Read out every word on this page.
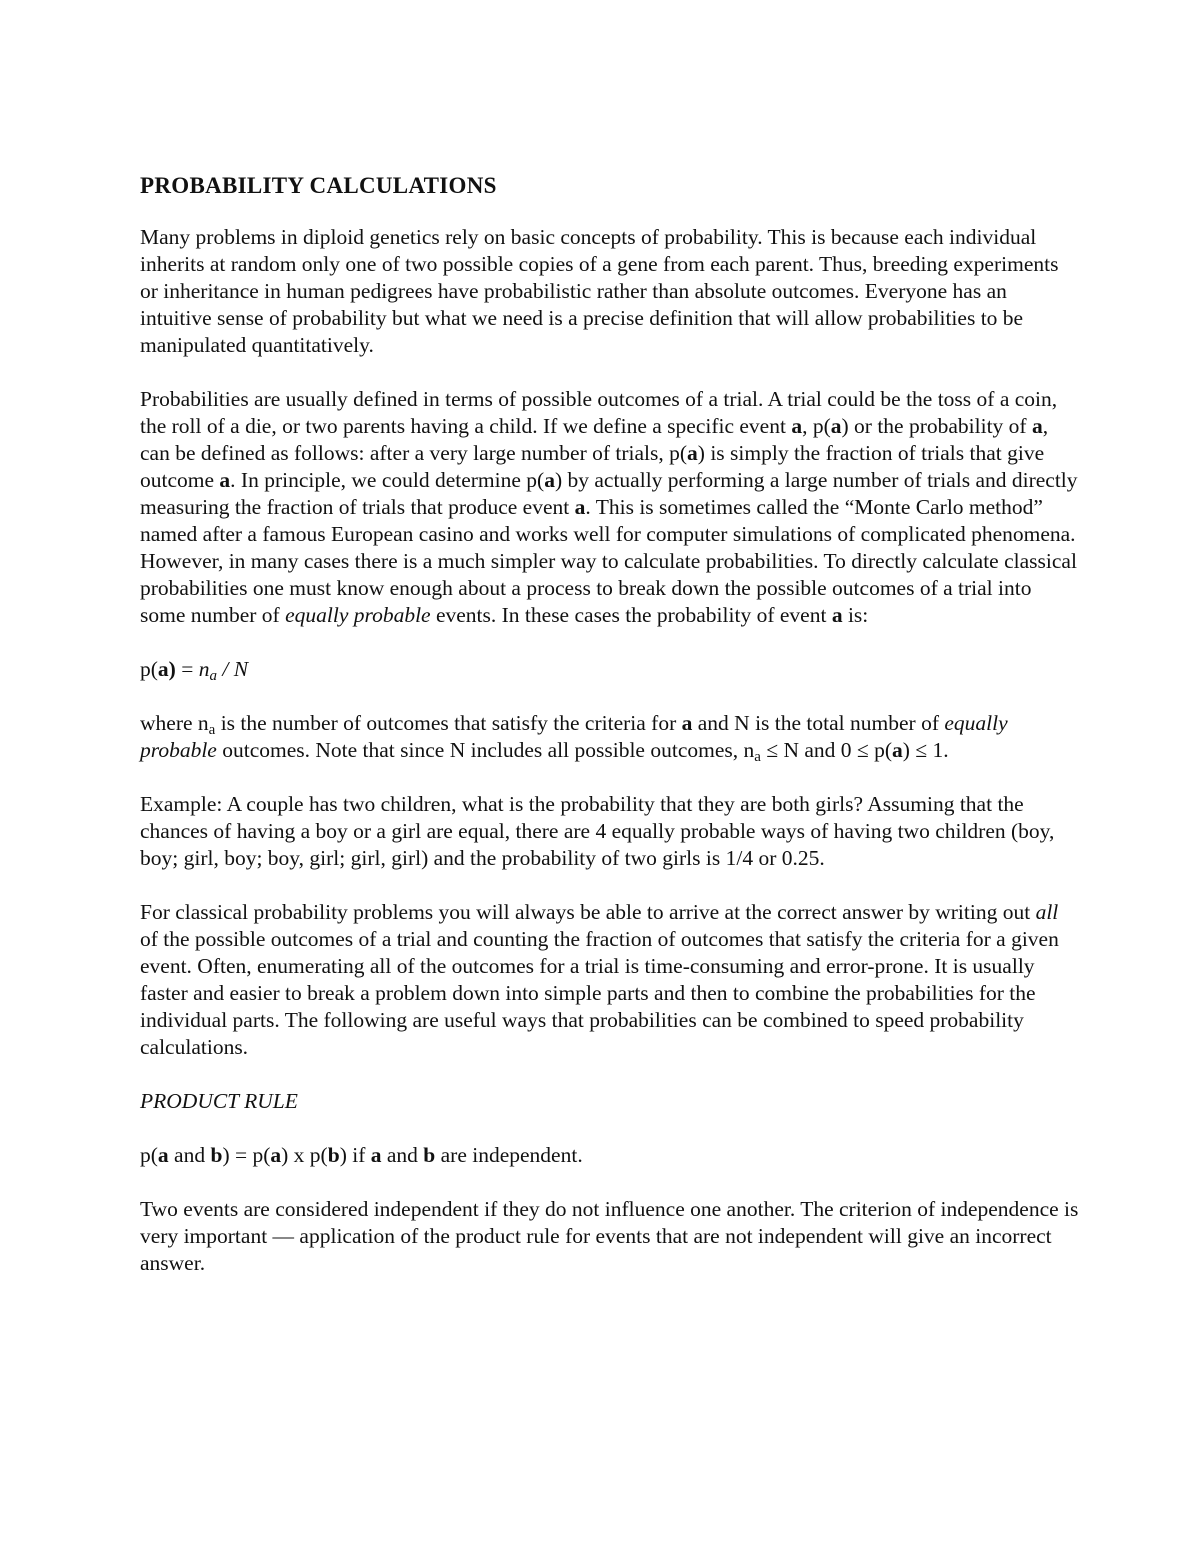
PROBABILITY CALCULATIONS

Many problems in diploid genetics rely on basic concepts of probability. This is because each individual inherits at random only one of two possible copies of a gene from each parent. Thus, breeding experiments or inheritance in human pedigrees have probabilistic rather than absolute outcomes. Everyone has an intuitive sense of probability but what we need is a precise definition that will allow probabilities to be manipulated quantitatively.

Probabilities are usually defined in terms of possible outcomes of a trial. A trial could be the toss of a coin, the roll of a die, or two parents having a child. If we define a specific event a, p(a) or the probability of a, can be defined as follows: after a very large number of trials, p(a) is simply the fraction of trials that give outcome a. In principle, we could determine p(a) by actually performing a large number of trials and directly measuring the fraction of trials that produce event a. This is sometimes called the “Monte Carlo method” named after a famous European casino and works well for computer simulations of complicated phenomena. However, in many cases there is a much simpler way to calculate probabilities. To directly calculate classical probabilities one must know enough about a process to break down the possible outcomes of a trial into some number of equally probable events. In these cases the probability of event a is:

$p(a) = n_a / N$

where $n_a$ is the number of outcomes that satisfy the criteria for a and N is the total number of equally probable outcomes. Note that since N includes all possible outcomes, $n_a \le N$ and 0 ≤ p(a) ≤ 1.

Example: A couple has two children, what is the probability that they are both girls? Assuming that the chances of having a boy or a girl are equal, there are 4 equally probable ways of having two children (boy, boy; girl, boy; boy, girl; girl, girl) and the probability of two girls is 1/4 or 0.25.

For classical probability problems you will always be able to arrive at the correct answer by writing out all of the possible outcomes of a trial and counting the fraction of outcomes that satisfy the criteria for a given event. Often, enumerating all of the outcomes for a trial is time-consuming and error-prone. It is usually faster and easier to break a problem down into simple parts and then to combine the probabilities for the individual parts. The following are useful ways that probabilities can be combined to speed probability calculations.

PRODUCT RULE

p(a and b) = p(a) x p(b) if a and b are independent.

Two events are considered independent if they do not influence one another. The criterion of independence is very important — application of the product rule for events that are not independent will give an incorrect answer.
